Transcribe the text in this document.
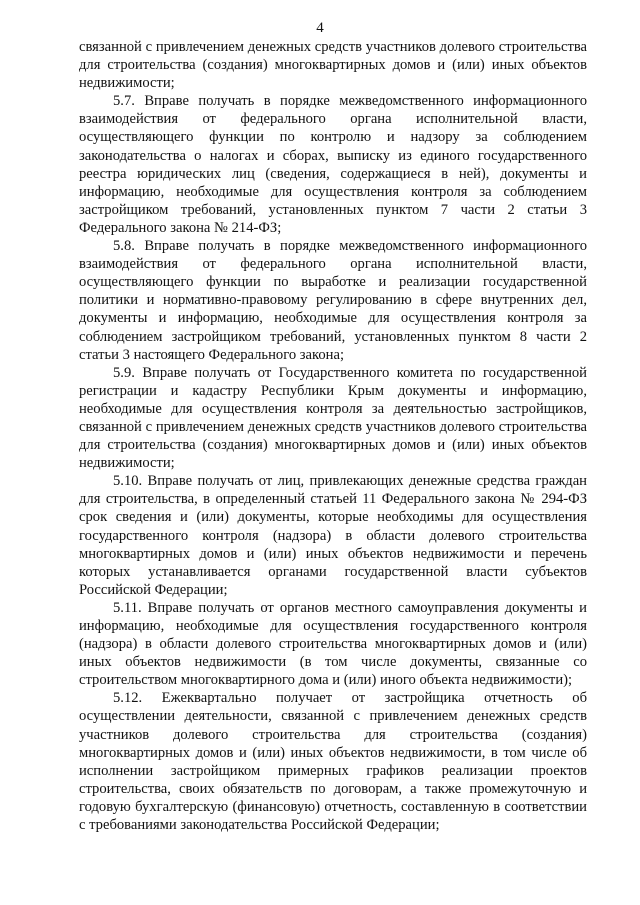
4

связанной с привлечением денежных средств участников долевого строительства для строительства (создания) многоквартирных домов и (или) иных объектов недвижимости;

5.7. Вправе получать в порядке межведомственного информационного взаимодействия от федерального органа исполнительной власти, осуществляющего функции по контролю и надзору за соблюдением законодательства о налогах и сборах, выписку из единого государственного реестра юридических лиц (сведения, содержащиеся в ней), документы и информацию, необходимые для осуществления контроля за соблюдением застройщиком требований, установленных пунктом 7 части 2 статьи 3 Федерального закона № 214-ФЗ;

5.8. Вправе получать в порядке межведомственного информационного взаимодействия от федерального органа исполнительной власти, осуществляющего функции по выработке и реализации государственной политики и нормативно-правовому регулированию в сфере внутренних дел, документы и информацию, необходимые для осуществления контроля за соблюдением застройщиком требований, установленных пунктом 8 части 2 статьи 3 настоящего Федерального закона;

5.9. Вправе получать от Государственного комитета по государственной регистрации и кадастру Республики Крым документы и информацию, необходимые для осуществления контроля за деятельностью застройщиков, связанной с привлечением денежных средств участников долевого строительства для строительства (создания) многоквартирных домов и (или) иных объектов недвижимости;

5.10. Вправе получать от лиц, привлекающих денежные средства граждан для строительства, в определенный статьей 11 Федерального закона № 294-ФЗ срок сведения и (или) документы, которые необходимы для осуществления государственного контроля (надзора) в области долевого строительства многоквартирных домов и (или) иных объектов недвижимости и перечень которых устанавливается органами государственной власти субъектов Российской Федерации;

5.11. Вправе получать от органов местного самоуправления документы и информацию, необходимые для осуществления государственного контроля (надзора) в области долевого строительства многоквартирных домов и (или) иных объектов недвижимости (в том числе документы, связанные со строительством многоквартирного дома и (или) иного объекта недвижимости);

5.12. Ежеквартально получает от застройщика отчетность об осуществлении деятельности, связанной с привлечением денежных средств участников долевого строительства для строительства (создания) многоквартирных домов и (или) иных объектов недвижимости, в том числе об исполнении застройщиком примерных графиков реализации проектов строительства, своих обязательств по договорам, а также промежуточную и годовую бухгалтерскую (финансовую) отчетность, составленную в соответствии с требованиями законодательства Российской Федерации;
